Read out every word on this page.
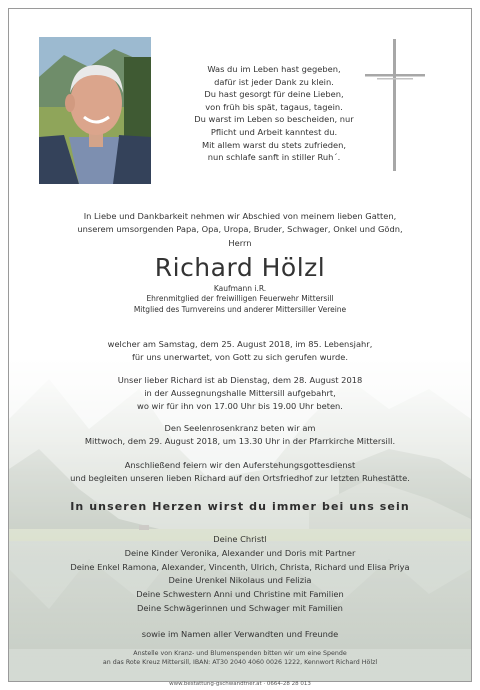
Was du im Leben hast gegeben,
dafür ist jeder Dank zu klein.
Du hast gesorgt für deine Lieben,
von früh bis spät, tagaus, tagein.
Du warst im Leben so bescheiden, nur
Pflicht und Arbeit kanntest du.
Mit allem warst du stets zufrieden,
nun schlafe sanft in stiller Ruh´.
In Liebe und Dankbarkeit nehmen wir Abschied von meinem lieben Gatten,
unserem umsorgenden Papa, Opa, Uropa, Bruder, Schwager, Onkel und Gödn,
Herrn
Richard Hölzl
Kaufmann i.R.
Ehrenmitglied der freiwilligen Feuerwehr Mittersill
Mitglied des Turnvereins und anderer Mittersiller Vereine
welcher am Samstag, dem 25. August 2018, im 85. Lebensjahr,
für uns unerwartet, von Gott zu sich gerufen wurde.
Unser lieber Richard ist ab Dienstag, dem 28. August 2018
in der Aussegnungshalle Mittersill aufgebahrt,
wo wir für ihn von 17.00 Uhr bis 19.00 Uhr beten.
Den Seelenrosenkranz beten wir am
Mittwoch, dem 29. August 2018, um 13.30 Uhr in der Pfarrkirche Mittersill.
Anschließend feiern wir den Auferstehungsgottesdienst
und begleiten unseren lieben Richard auf den Ortsfriedhof zur letzten Ruhestätte.
In unseren Herzen wirst du immer bei uns sein
Deine Christl
Deine Kinder Veronika, Alexander und Doris mit Partner
Deine Enkel Ramona, Alexander, Vincenth, Ulrich, Christa, Richard und Elisa Priya
Deine Urenkel Nikolaus und Felizia
Deine Schwestern Anni und Christine mit Familien
Deine Schwägerinnen und Schwager mit Familien
sowie im Namen aller Verwandten und Freunde
Anstelle von Kranz- und Blumenspenden bitten wir um eine Spende
an das Rote Kreuz Mittersill, IBAN: AT30 2040 4060 0026 1222, Kennwort Richard Hölzl
www.bestattung-gschwandtner.at · 0664-28 28 013
